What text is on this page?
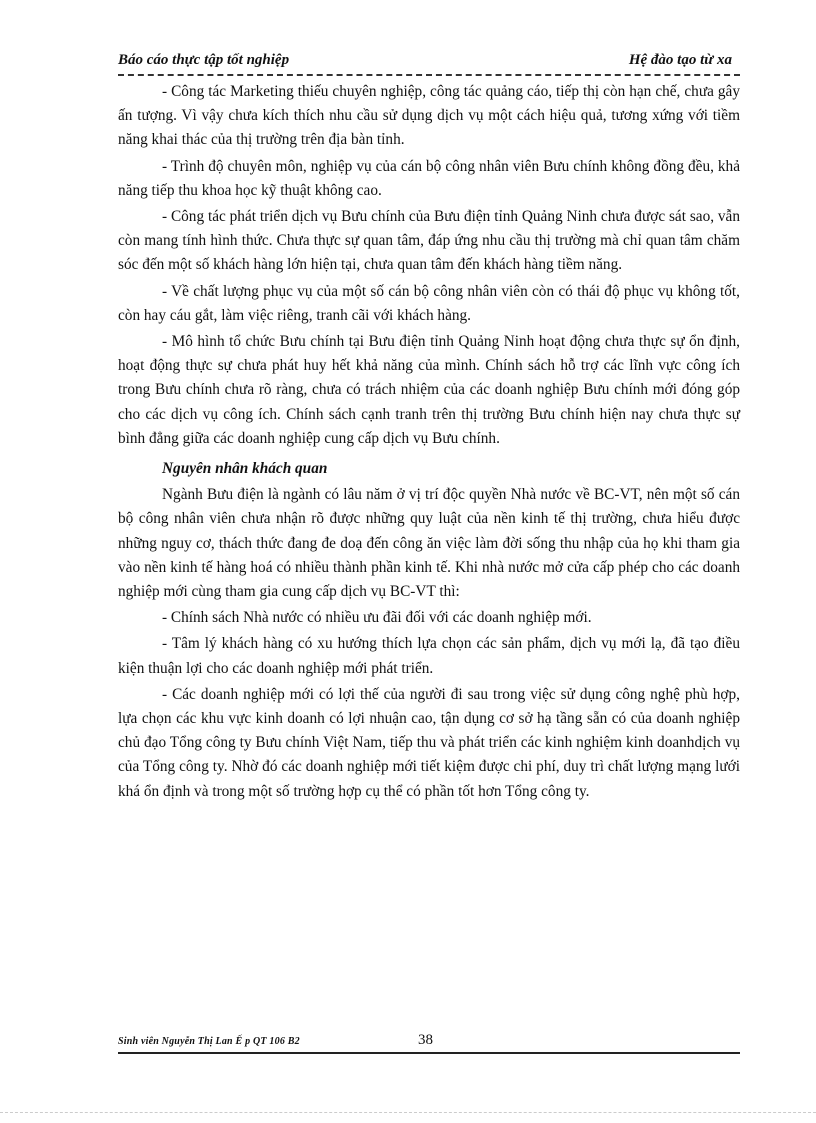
Báo cáo thực tập tốt nghiệp	Hệ đào tạo từ xa

- Công tác Marketing thiếu chuyên nghiệp, công tác quảng cáo, tiếp thị còn hạn chế, chưa gây ấn tượng. Vì vậy chưa kích thích nhu cầu sử dụng dịch vụ một cách hiệu quả, tương xứng với tiềm năng khai thác của thị trường trên địa bàn tỉnh.

- Trình độ chuyên môn, nghiệp vụ của cán bộ công nhân viên Bưu chính không đồng đều, khả năng tiếp thu khoa học kỹ thuật không cao.

- Công tác phát triển dịch vụ Bưu chính của Bưu điện tỉnh Quảng Ninh chưa được sát sao, vẫn còn mang tính hình thức. Chưa thực sự quan tâm, đáp ứng nhu cầu thị trường mà chỉ quan tâm chăm sóc đến một số khách hàng lớn hiện tại, chưa quan tâm đến khách hàng tiềm năng.

- Về chất lượng phục vụ của một số cán bộ công nhân viên còn có thái độ phục vụ không tốt, còn hay cáu gắt, làm việc riêng, tranh cãi với khách hàng.

- Mô hình tổ chức Bưu chính tại Bưu điện tỉnh Quảng Ninh hoạt động chưa thực sự ổn định, hoạt động thực sự chưa phát huy hết khả năng của mình. Chính sách hỗ trợ các lĩnh vực công ích trong Bưu chính chưa rõ ràng, chưa có trách nhiệm của các doanh nghiệp Bưu chính mới đóng góp cho các dịch vụ công ích. Chính sách cạnh tranh trên thị trường Bưu chính hiện nay chưa thực sự bình đẳng giữa các doanh nghiệp cung cấp dịch vụ Bưu chính.

Nguyên nhân khách quan

Ngành Bưu điện là ngành có lâu năm ở vị trí độc quyền Nhà nước về BC-VT, nên một số cán bộ công nhân viên chưa nhận rõ được những quy luật của nền kinh tế thị trường, chưa hiểu được những nguy cơ, thách thức đang đe doạ đến công ăn việc làm đời sống thu nhập của họ khi tham gia vào nền kinh tế hàng hoá có nhiều thành phần kinh tế. Khi nhà nước mở cửa cấp phép cho các doanh nghiệp mới cùng tham gia cung cấp dịch vụ BC-VT thì:

- Chính sách Nhà nước có nhiều ưu đãi đối với các doanh nghiệp mới.

- Tâm lý khách hàng có xu hướng thích lựa chọn các sản phẩm, dịch vụ mới lạ, đã tạo điều kiện thuận lợi cho các doanh nghiệp mới phát triển.

- Các doanh nghiệp mới có lợi thế của người đi sau trong việc sử dụng công nghệ phù hợp, lựa chọn các khu vực kinh doanh có lợi nhuận cao, tận dụng cơ sở hạ tầng sẵn có của doanh nghiệp chủ đạo Tổng công ty Bưu chính Việt Nam, tiếp thu và phát triển các kinh nghiệm kinh doanhdịch vụ của Tổng công ty. Nhờ đó các doanh nghiệp mới tiết kiệm được chi phí, duy trì chất lượng mạng lưới khá ổn định và trong một số trường hợp cụ thể có phần tốt hơn Tổng công ty.

Sinh viên Nguyễn Thị Lan Ế p QT 106 B2	38
